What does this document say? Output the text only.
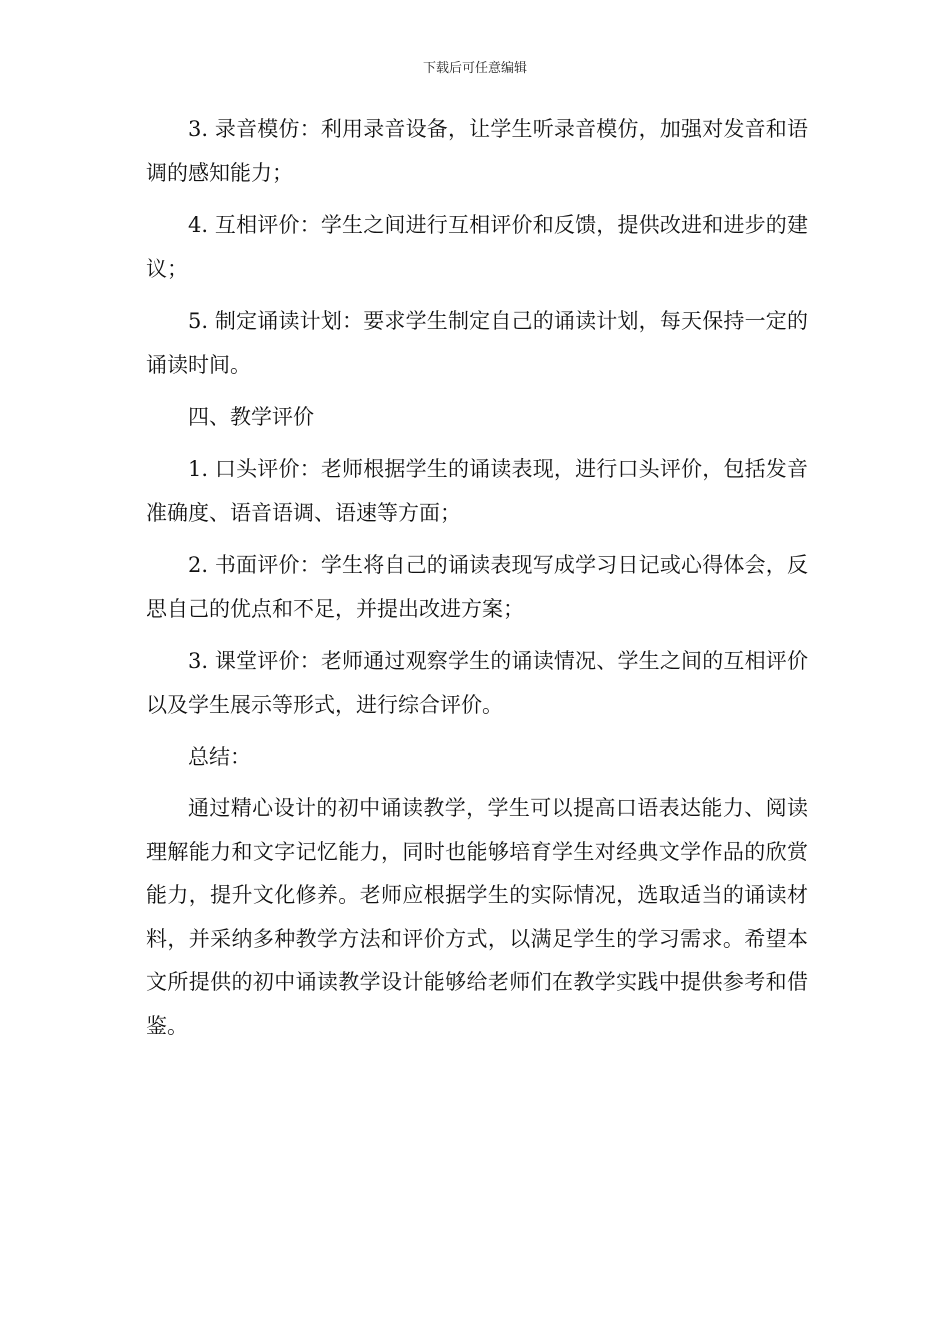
下载后可任意编辑

3. 录音模仿：利用录音设备，让学生听录音模仿，加强对发音和语调的感知能力；

4. 互相评价：学生之间进行互相评价和反馈，提供改进和进步的建议；

5. 制定诵读计划：要求学生制定自己的诵读计划，每天保持一定的诵读时间。

四、教学评价

1. 口头评价：老师根据学生的诵读表现，进行口头评价，包括发音准确度、语音语调、语速等方面；

2. 书面评价：学生将自己的诵读表现写成学习日记或心得体会，反思自己的优点和不足，并提出改进方案；

3. 课堂评价：老师通过观察学生的诵读情况、学生之间的互相评价以及学生展示等形式，进行综合评价。

总结：

通过精心设计的初中诵读教学，学生可以提高口语表达能力、阅读理解能力和文字记忆能力，同时也能够培育学生对经典文学作品的欣赏能力，提升文化修养。老师应根据学生的实际情况，选取适当的诵读材料，并采纳多种教学方法和评价方式，以满足学生的学习需求。希望本文所提供的初中诵读教学设计能够给老师们在教学实践中提供参考和借鉴。
